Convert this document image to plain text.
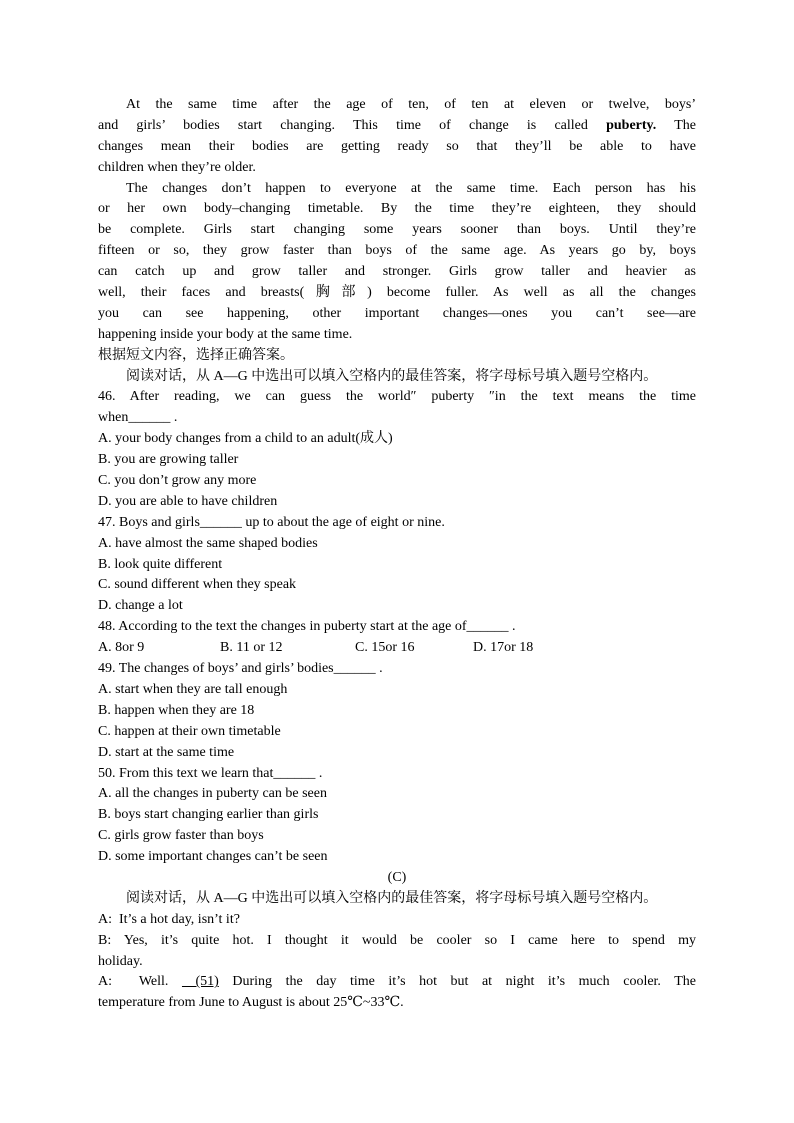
At the same time after the age of ten, of ten at eleven or twelve, boys’
and girls’ bodies start changing. This time of change is called puberty. The
changes mean their bodies are getting ready so that they’ll be able to have
children when they’re older.
The changes don’t happen to everyone at the same time. Each person has his
or her own body–changing timetable. By the time they’re eighteen, they should
be complete. Girls start changing some years sooner than boys. Until they’re
fifteen or so, they grow faster than boys of the same age. As years go by, boys
can catch up and grow taller and stronger. Girls grow taller and heavier as
well, their faces and breasts(胸部) become fuller. As well as all the changes
you can see happening, other important changes—ones you can’t see—are
happening inside your body at the same time.
根据短文内容，选择正确答案。
阅读对话，从 A—G 中选出可以填入空格内的最佳答案，将字母标号填入题号空格内。
46. After reading, we can guess the world″ puberty ″in the text means the time
when______ .
A. your body changes from a child to an adult(成人)
B. you are growing taller
C. you don’t grow any more
D. you are able to have children
47. Boys and girls______ up to about the age of eight or nine.
A. have almost the same shaped bodies
B. look quite different
C. sound different when they speak
D. change a lot
48. According to the text the changes in puberty start at the age of______ .
A. 8or 9	B. 11 or 12	C. 15or 16	D. 17or 18
49. The changes of boys’ and girls’ bodies______ .
A. start when they are tall enough
B. happen when they are 18
C. happen at their own timetable
D. start at the same time
50. From this text we learn that______ .
A. all the changes in puberty can be seen
B. boys start changing earlier than girls
C. girls grow faster than boys
D. some important changes can’t be seen
(C)
阅读对话，从 A—G 中选出可以填入空格内的最佳答案，将字母标号填入题号空格内。
A:  It’s a hot day, isn’t it?
B: Yes, it’s quite hot. I thought it would be cooler so I came here to spend my
holiday.
A:  Well.  (51) During the day time it’s hot but at night it’s much cooler. The
temperature from June to August is about 25℃~33℃.
